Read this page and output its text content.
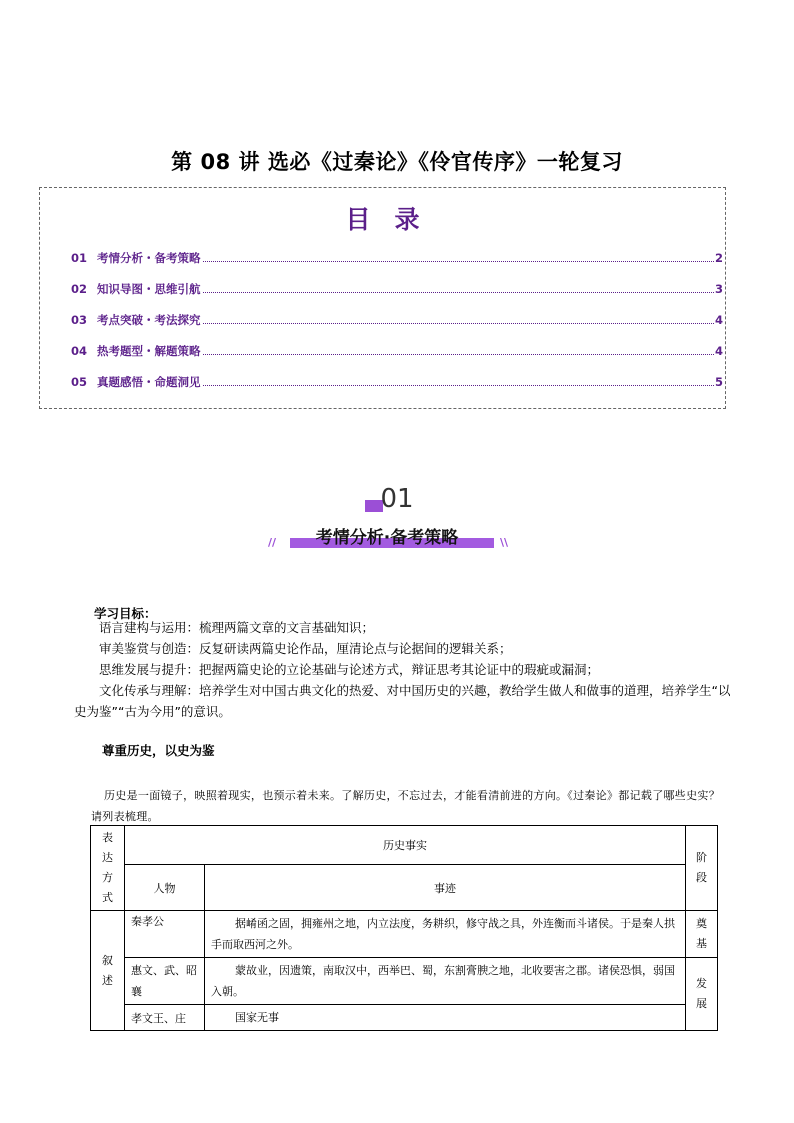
第 08 讲 选必《过秦论》《伶官传序》一轮复习
目录
01 考情分析・备考策略	2
02 知识导图・思维引航	3
03 考点突破・考法探究	4
04 热考题型・解题策略	4
05 真题感悟・命题洞见	5
01
//	考情分析·备考策略	\\
学习目标：
语言建构与运用：梳理两篇文章的文言基础知识；
审美鉴赏与创造：反复研读两篇史论作品，厘清论点与论据间的逻辑关系；
思维发展与提升：把握两篇史论的立论基础与论述方式，辩证思考其论证中的瑕疵或漏洞；
文化传承与理解：培养学生对中国古典文化的热爱、对中国历史的兴趣，教给学生做人和做事的道理，培养学生“以史为鉴”“古为今用”的意识。
尊重历史，以史为鉴
历史是一面镜子，映照着现实，也预示着未来。了解历史，不忘过去，才能看清前进的方向。《过秦论》都记载了哪些史实？请列表梳理。
表达方式	历史事实		阶段

	人物	事迹	

叙述	秦孝公	据崤函之固，拥雍州之地，内立法度，务耕织，修守战之具，外连衡而斗诸侯。于是秦人拱手而取西河之外。	奠基

	惠文、武、昭襄	蒙故业，因遗策，南取汉中，西举巴、蜀，东割膏腴之地，北收要害之郡。诸侯恐惧，弱国入朝。	发展

	孝文王、庄	国家无事	
